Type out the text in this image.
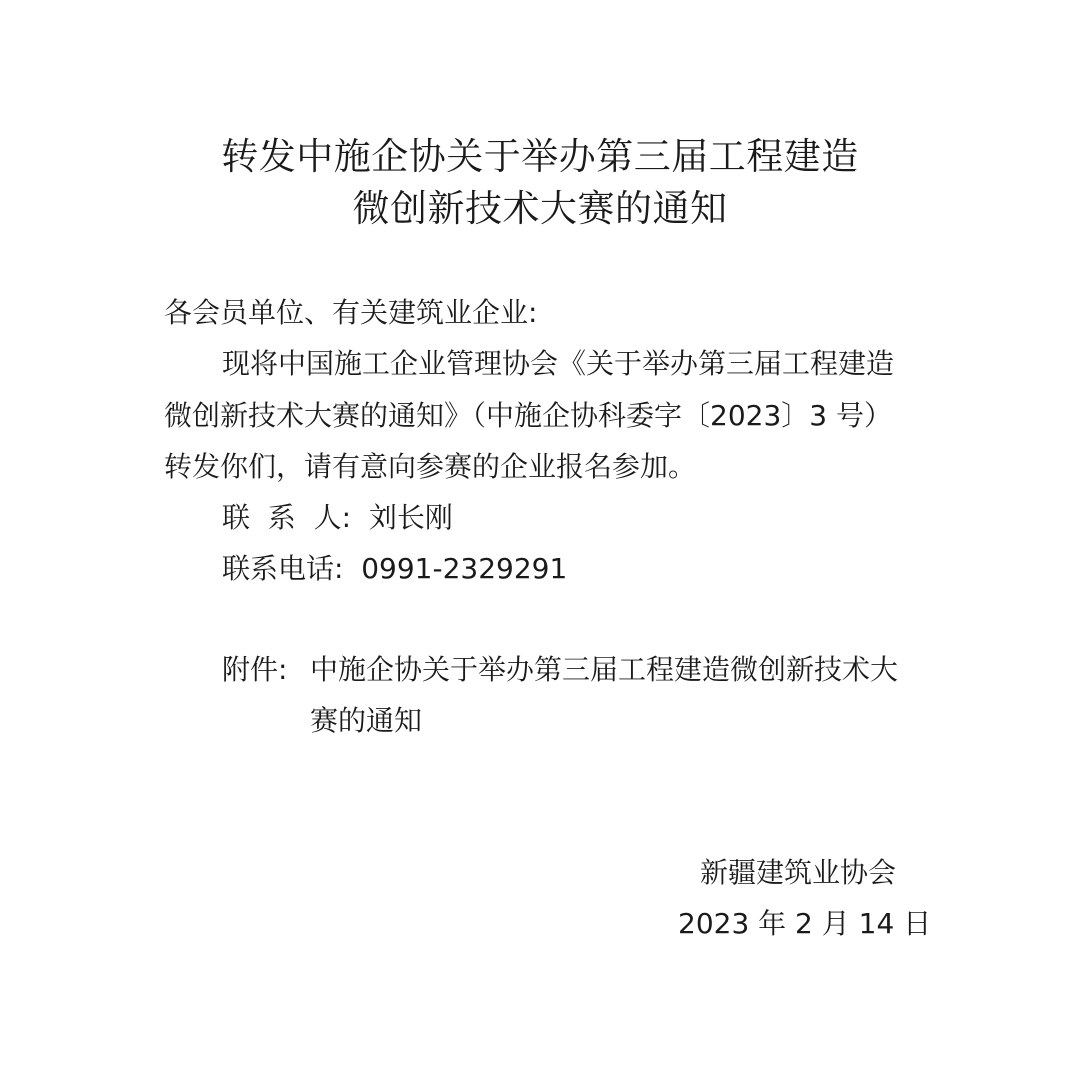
转发中施企协关于举办第三届工程建造
微创新技术大赛的通知
各会员单位、有关建筑业企业:
现将中国施工企业管理协会《关于举办第三届工程建造
微创新技术大赛的通知》（中施企协科委字〔2023〕3 号）
转发你们，请有意向参赛的企业报名参加。
联  系  人:  刘长刚
联系电话:  0991-2329291
附件: 中施企协关于举办第三届工程建造微创新技术大
赛的通知
新疆建筑业协会
2023 年 2 月 14 日
